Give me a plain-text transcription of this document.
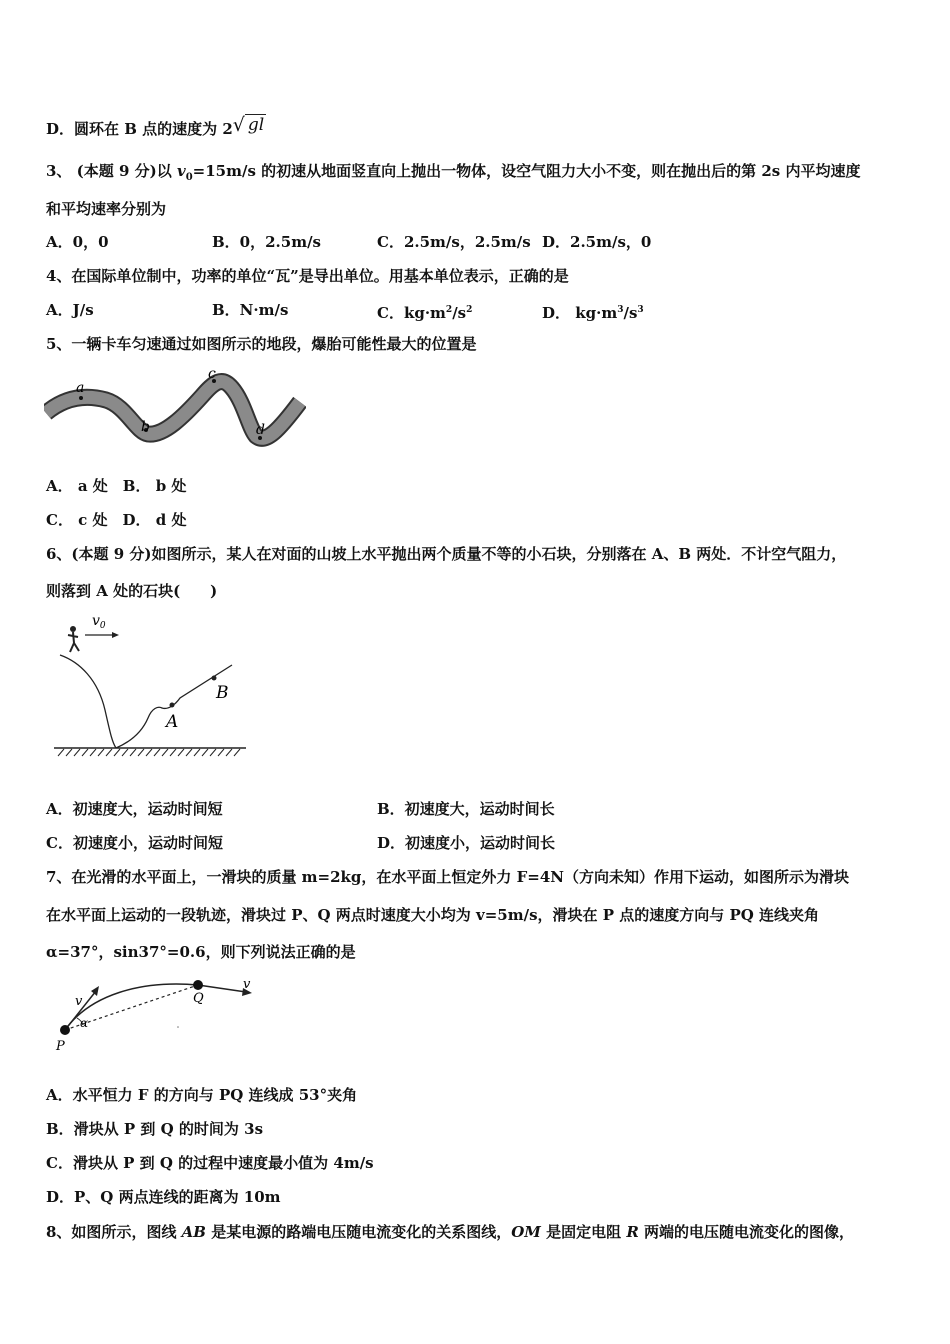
D．圆环在 B 点的速度为 2√ gl
3、 (本题 9 分)以 $v_0=15m/s$ 的初速从地面竖直向上抛出一物体，设空气阻力大小不变，则在抛出后的第 2s 内平均速度
和平均速率分别为
A．0，0	B．0，2.5m/s	C．2.5m/s，2.5m/s D．2.5m/s，0
4、在国际单位制中，功率的单位“瓦”是导出单位。用基本单位表示，正确的是
A．J/s	B．N·m/s	C．$kg\cdot m^2/s^2$	D． $kg\cdot m^3/s^3$
5、一辆卡车匀速通过如图所示的地段，爆胎可能性最大的位置是
a
b
c
d
A． a 处　B． b 处
C． c 处　D． d 处
6、(本题 9 分)如图所示，某人在对面的山坡上水平抛出两个质量不等的小石块，分别落在 A、B 两处．不计空气阻力，
则落到 A 处的石块(　　)
$v_0$
A
B
A．初速度大，运动时间短	B．初速度大，运动时间长
C．初速度小，运动时间短	D．初速度小，运动时间长
7、在光滑的水平面上，一滑块的质量 m=2kg，在水平面上恒定外力 F=4N（方向未知）作用下运动，如图所示为滑块
在水平面上运动的一段轨迹，滑块过 P、Q 两点时速度大小均为 v=5m/s，滑块在 P 点的速度方向与 PQ 连线夹角
α=37°，sin37°=0.6，则下列说法正确的是
v
α
Q
v
P
A．水平恒力 F 的方向与 PQ 连线成 53°夹角
B．滑块从 P 到 Q 的时间为 3s
C．滑块从 P 到 Q 的过程中速度最小值为 4m/s
D．P、Q 两点连线的距离为 10m
8、如图所示，图线 AB 是某电源的路端电压随电流变化的关系图线，OM 是固定电阻 R 两端的电压随电流变化的图像，
